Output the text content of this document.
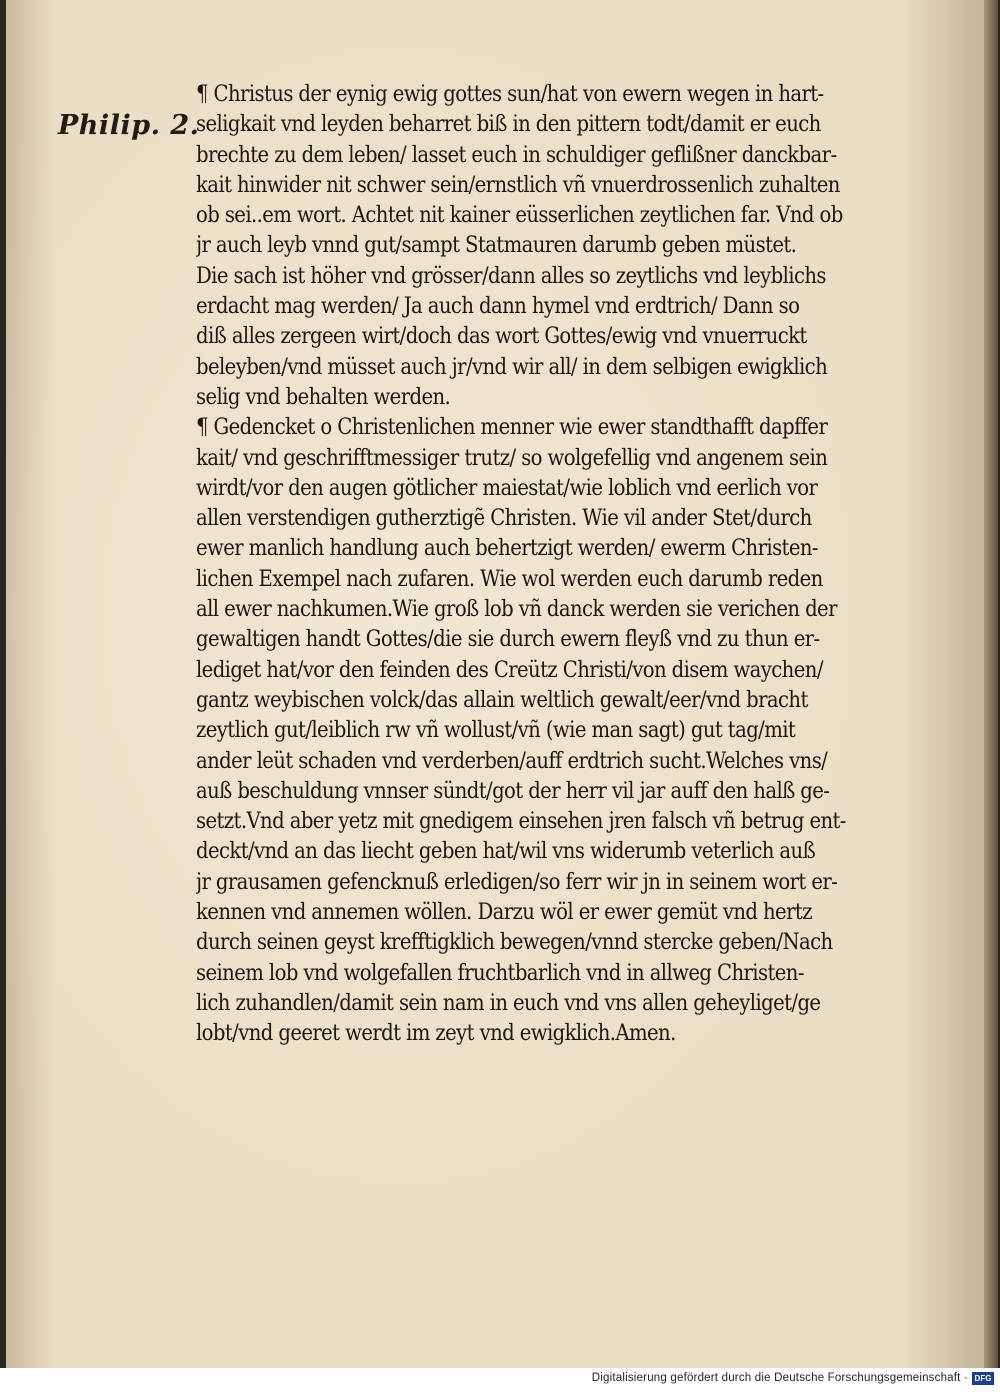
Philip. 2.
¶ Christus der eynig ewig gottes sun/hat von ewern wegen in hart-
seligkait vnd leyden beharret biß in den pittern todt/damit er euch
brechte zu dem leben/ lasset euch in schuldiger geflißner danckbar-
kait hinwider nit schwer sein/ernstlich vñ vnuerdrossenlich zuhalten
ob sei..em wort. Achtet nit kainer eüsserlichen zeytlichen far. Vnd ob
jr auch leyb vnnd gut/sampt Statmauren darumb geben müstet.
Die sach ist höher vnd grösser/dann alles so zeytlichs vnd leyblichs
erdacht mag werden/ Ja auch dann hymel vnd erdtrich/ Dann so
diß alles zergeen wirt/doch das wort Gottes/ewig vnd vnuerruckt
beleyben/vnd müsset auch jr/vnd wir all/ in dem selbigen ewigklich
selig vnd behalten werden.
¶ Gedencket o Christenlichen menner wie ewer standthafft dapffer
kait/ vnd geschrifftmessiger trutz/ so wolgefellig vnd angenem sein
wirdt/vor den augen götlicher maiestat/wie loblich vnd eerlich vor
allen verstendigen gutherztigẽ Christen. Wie vil ander Stet/durch
ewer manlich handlung auch behertzigt werden/ ewerm Christen-
lichen Exempel nach zufaren. Wie wol werden euch darumb reden
all ewer nachkumen.Wie groß lob vñ danck werden sie verichen der
gewaltigen handt Gottes/die sie durch ewern fleyß vnd zu thun er-
lediget hat/vor den feinden des Creütz Christi/von disem waychen/
gantz weybischen volck/das allain weltlich gewalt/eer/vnd bracht
zeytlich gut/leiblich rw vñ wollust/vñ (wie man sagt) gut tag/mit
ander leüt schaden vnd verderben/auff erdtrich sucht.Welches vns/
auß beschuldung vnnser sündt/got der herr vil jar auff den halß ge-
setzt.Vnd aber yetz mit gnedigem einsehen jren falsch vñ betrug ent-
deckt/vnd an das liecht geben hat/wil vns widerumb veterlich auß
jr grausamen gefencknuß erledigen/so ferr wir jn in seinem wort er-
kennen vnd annemen wöllen. Darzu wöl er ewer gemüt vnd hertz
durch seinen geyst krefftigklich bewegen/vnnd stercke geben/Nach
seinem lob vnd wolgefallen fruchtbarlich vnd in allweg Christen-
lich zuhandlen/damit sein nam in euch vnd vns allen geheyliget/ge
lobt/vnd geeret werdt im zeyt vnd ewigklich.Amen.
Digitalisierung gefördert durch die Deutsche Forschungsgemeinschaft · DFG
